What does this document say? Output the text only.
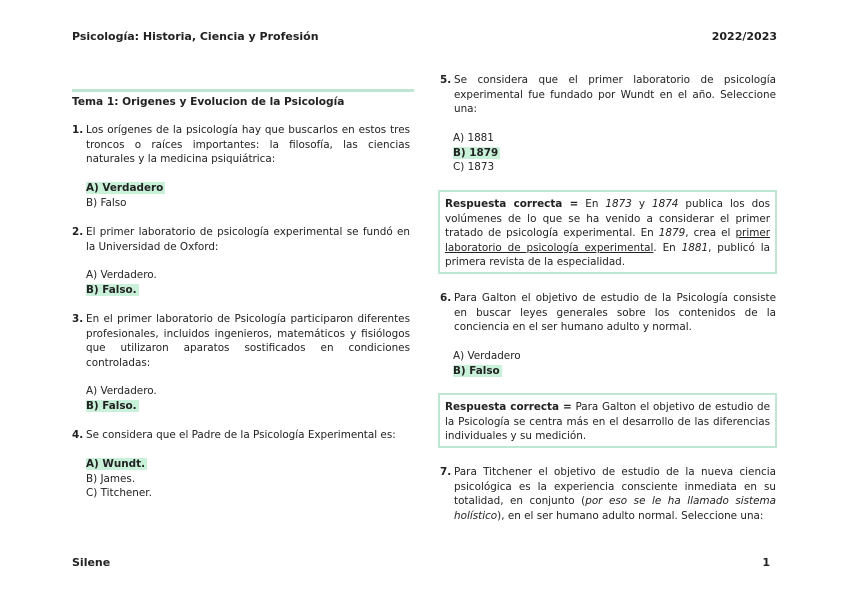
Psicología: Historia, Ciencia y Profesión	2022/2023
Tema 1: Origenes y Evolucion de la Psicología
1. Los orígenes de la psicología hay que buscarlos en estos tres troncos o raíces importantes: la filosofía, las ciencias naturales y la medicina psiquiátrica:
A) Verdadero
B) Falso
2. El primer laboratorio de psicología experimental se fundó en la Universidad de Oxford:
A) Verdadero.
B) Falso.
3. En el primer laboratorio de Psicología participaron diferentes profesionales, incluidos ingenieros, matemáticos y fisiólogos que utilizaron aparatos sostificados en condiciones controladas:
A) Verdadero.
B) Falso.
4. Se considera que el Padre de la Psicología Experimental es:
A) Wundt.
B) James.
C) Titchener.
5. Se considera que el primer laboratorio de psicología experimental fue fundado por Wundt en el año. Seleccione una:
A) 1881
B) 1879
C) 1873
Respuesta correcta = En 1873 y 1874 publica los dos volúmenes de lo que se ha venido a considerar el primer tratado de psicología experimental. En 1879, crea el primer laboratorio de psicología experimental. En 1881, publicó la primera revista de la especialidad.
6. Para Galton el objetivo de estudio de la Psicología consiste en buscar leyes generales sobre los contenidos de la conciencia en el ser humano adulto y normal.
A) Verdadero
B) Falso
Respuesta correcta = Para Galton el objetivo de estudio de la Psicología se centra más en el desarrollo de las diferencias individuales y su medición.
7. Para Titchener el objetivo de estudio de la nueva ciencia psicológica es la experiencia consciente inmediata en su totalidad, en conjunto (por eso se le ha llamado sistema holístico), en el ser humano adulto normal. Seleccione una:
Silene	1
